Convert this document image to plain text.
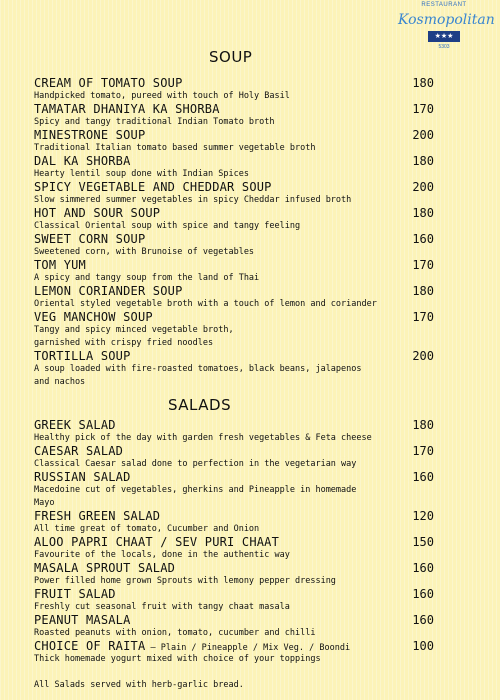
RESTAURANT
Kosmopolitan
★★★
5303
SOUP
CREAM OF TOMATO SOUP	180
Handpicked tomato, pureed with touch of Holy Basil
TAMATAR DHANIYA KA SHORBA	170
Spicy and tangy traditional Indian Tomato broth
MINESTRONE SOUP	200
Traditional Italian tomato based summer vegetable broth
DAL KA SHORBA	180
Hearty lentil soup done with Indian Spices
SPICY VEGETABLE AND CHEDDAR SOUP	200
Slow simmered summer vegetables in spicy Cheddar infused broth
HOT AND SOUR SOUP	180
Classical Oriental soup with spice and tangy feeling
SWEET CORN SOUP	160
Sweetened corn, with Brunoise of vegetables
TOM YUM	170
A spicy and tangy soup from the land of Thai
LEMON CORIANDER SOUP	180
Oriental styled vegetable broth with a touch of lemon and coriander
VEG MANCHOW SOUP	170
Tangy and spicy minced vegetable broth,
garnished with crispy fried noodles
TORTILLA SOUP	200
A soup loaded with fire-roasted tomatoes, black beans, jalapenos
and nachos
SALADS
GREEK SALAD	180
Healthy pick of the day with garden fresh vegetables & Feta cheese
CAESAR SALAD	170
Classical Caesar salad done to perfection in the vegetarian way
RUSSIAN SALAD	160
Macedoine cut of vegetables, gherkins and Pineapple in homemade
Mayo
FRESH GREEN SALAD	120
All time great of tomato, Cucumber and Onion
ALOO PAPRI CHAAT / SEV PURI CHAAT	150
Favourite of the locals, done in the authentic way
MASALA SPROUT SALAD	160
Power filled home grown Sprouts with lemony pepper dressing
FRUIT SALAD	160
Freshly cut seasonal fruit with tangy chaat masala
PEANUT MASALA	160
Roasted peanuts with onion, tomato, cucumber and chilli
CHOICE OF RAITA – Plain / Pineapple / Mix Veg. / Boondi	100
Thick homemade yogurt mixed with choice of your toppings
All Salads served with herb-garlic bread.
